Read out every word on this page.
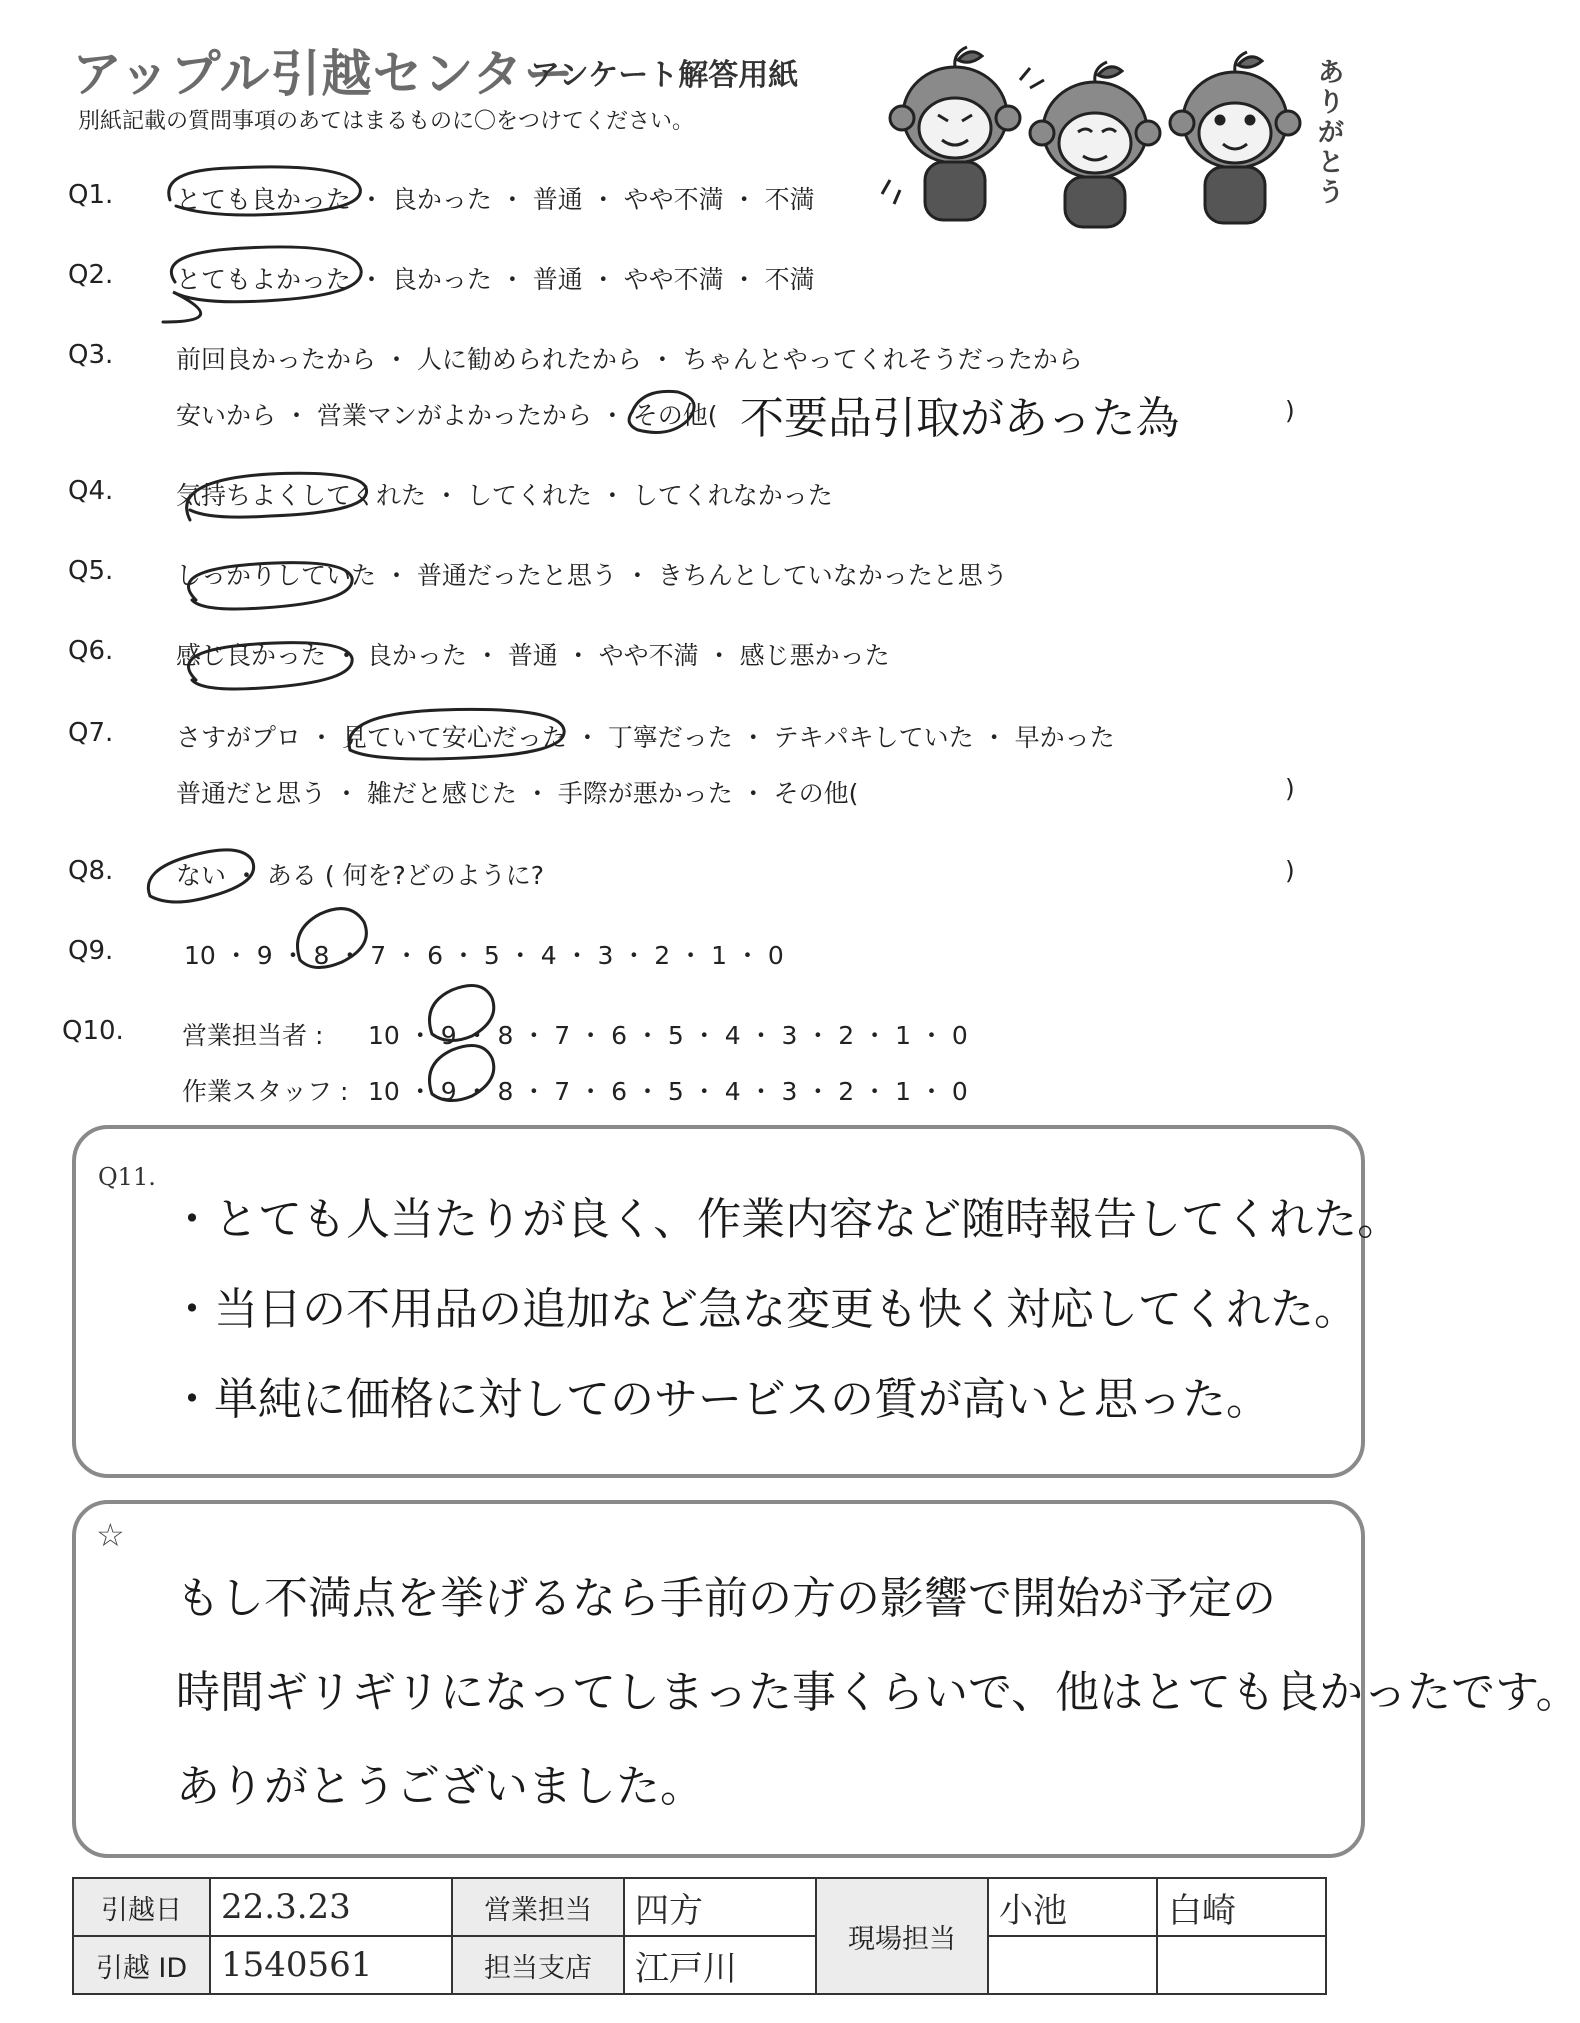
アップル引越センター
アンケート解答用紙
別紙記載の質問事項のあてはまるものに〇をつけてください。
ありがとう
Q1.	とても良かった ・ 良かった ・ 普通 ・ やや不満 ・ 不満
Q2.	とてもよかった ・ 良かった ・ 普通 ・ やや不満 ・ 不満
Q3.	前回良かったから ・ 人に勧められたから ・ ちゃんとやってくれそうだったから
安いから ・ 営業マンがよかったから ・ その他( 不要品引取があった為	)
Q4.	気持ちよくしてくれた ・ してくれた ・ してくれなかった
Q5.	しっかりしていた ・ 普通だったと思う ・ きちんとしていなかったと思う
Q6.	感じ良かった ・ 良かった ・ 普通 ・ やや不満 ・ 感じ悪かった
Q7.	さすがプロ ・ 見ていて安心だった ・ 丁寧だった ・ テキパキしていた ・ 早かった
普通だと思う ・ 雑だと感じた ・ 手際が悪かった ・ その他(	)
Q8.	ない ・ ある ( 何を?どのように?	)
Q9.	10 ・ 9 ・ 8 ・ 7 ・ 6 ・ 5 ・ 4 ・ 3 ・ 2 ・ 1 ・ 0
Q10. 営業担当者 : 10 ・ 9 ・ 8 ・ 7 ・ 6 ・ 5 ・ 4 ・ 3 ・ 2 ・ 1 ・ 0
作業スタッフ : 10 ・ 9 ・ 8 ・ 7 ・ 6 ・ 5 ・ 4 ・ 3 ・ 2 ・ 1 ・ 0
Q11.
・とても人当たりが良く、作業内容など随時報告してくれた。
・当日の不用品の追加など急な変更も快く対応してくれた。
・単純に価格に対してのサービスの質が高いと思った。
☆
もし不満点を挙げるなら手前の方の影響で開始が予定の
時間ギリギリになってしまった事くらいで、他はとても良かったです。
ありがとうございました。
引越日	22.3.23	営業担当	四方	現場担当	小池	白崎
引越 ID	1540561	担当支店	江戸川			
